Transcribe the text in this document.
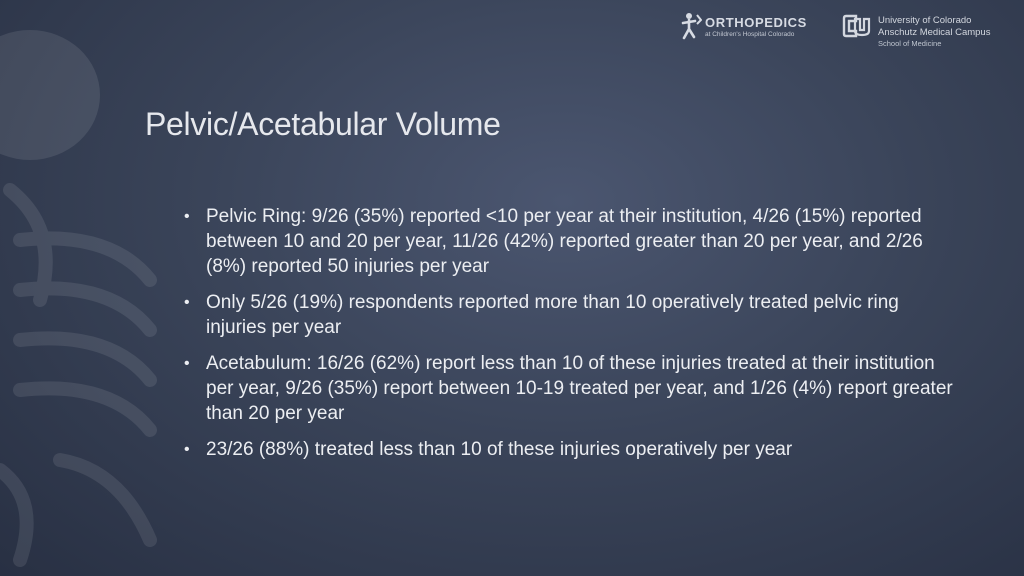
ORTHOPEDICS
at Children's Hospital Colorado
University of Colorado
Anschutz Medical Campus
School of Medicine
Pelvic/Acetabular Volume
• Pelvic Ring: 9/26 (35%) reported <10 per year at their institution, 4/26 (15%) reported between 10 and 20 per year, 11/26 (42%) reported greater than 20 per year, and 2/26 (8%) reported 50 injuries per year
• Only 5/26 (19%) respondents reported more than 10 operatively treated pelvic ring injuries per year
• Acetabulum: 16/26 (62%) report less than 10 of these injuries treated at their institution per year, 9/26 (35%) report between 10-19 treated per year, and 1/26 (4%) report greater than 20 per year
• 23/26 (88%) treated less than 10 of these injuries operatively per year
